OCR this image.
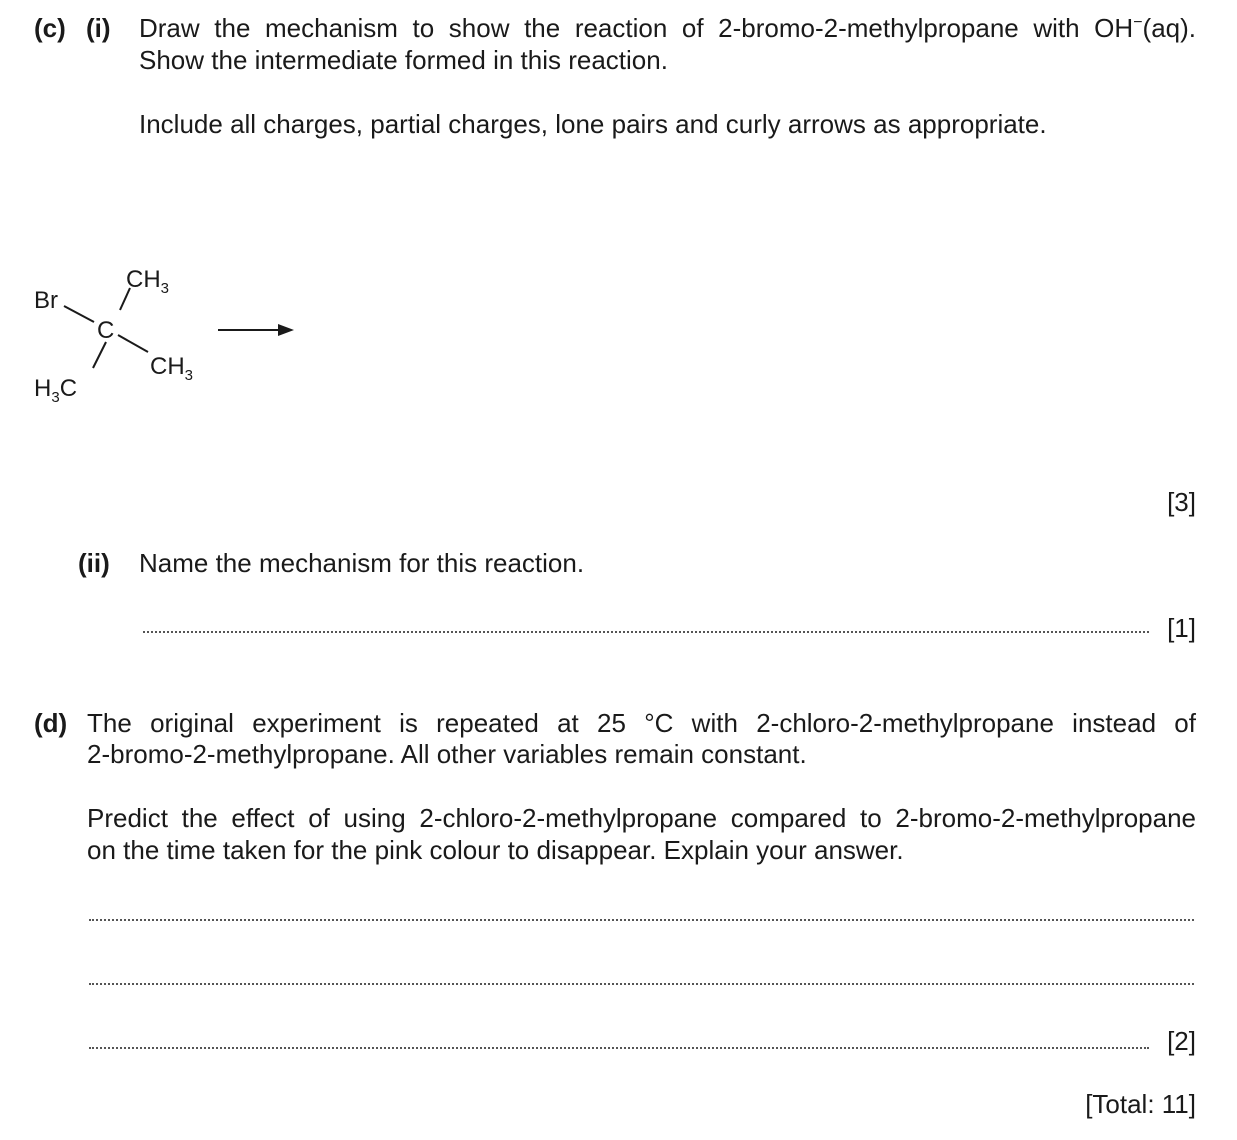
(c) (i) Draw the mechanism to show the reaction of 2-bromo-2-methylpropane with OH−(aq).
Show the intermediate formed in this reaction.
Include all charges, partial charges, lone pairs and curly arrows as appropriate.
Br
C
$CH_3$
$CH_3$
$H_3C$
[3]
(ii) Name the mechanism for this reaction.
[1]
(d) The original experiment is repeated at 25 °C with 2-chloro-2-methylpropane instead of
2-bromo-2-methylpropane. All other variables remain constant.
Predict the effect of using 2-chloro-2-methylpropane compared to 2-bromo-2-methylpropane
on the time taken for the pink colour to disappear. Explain your answer.
[2]
[Total: 11]
